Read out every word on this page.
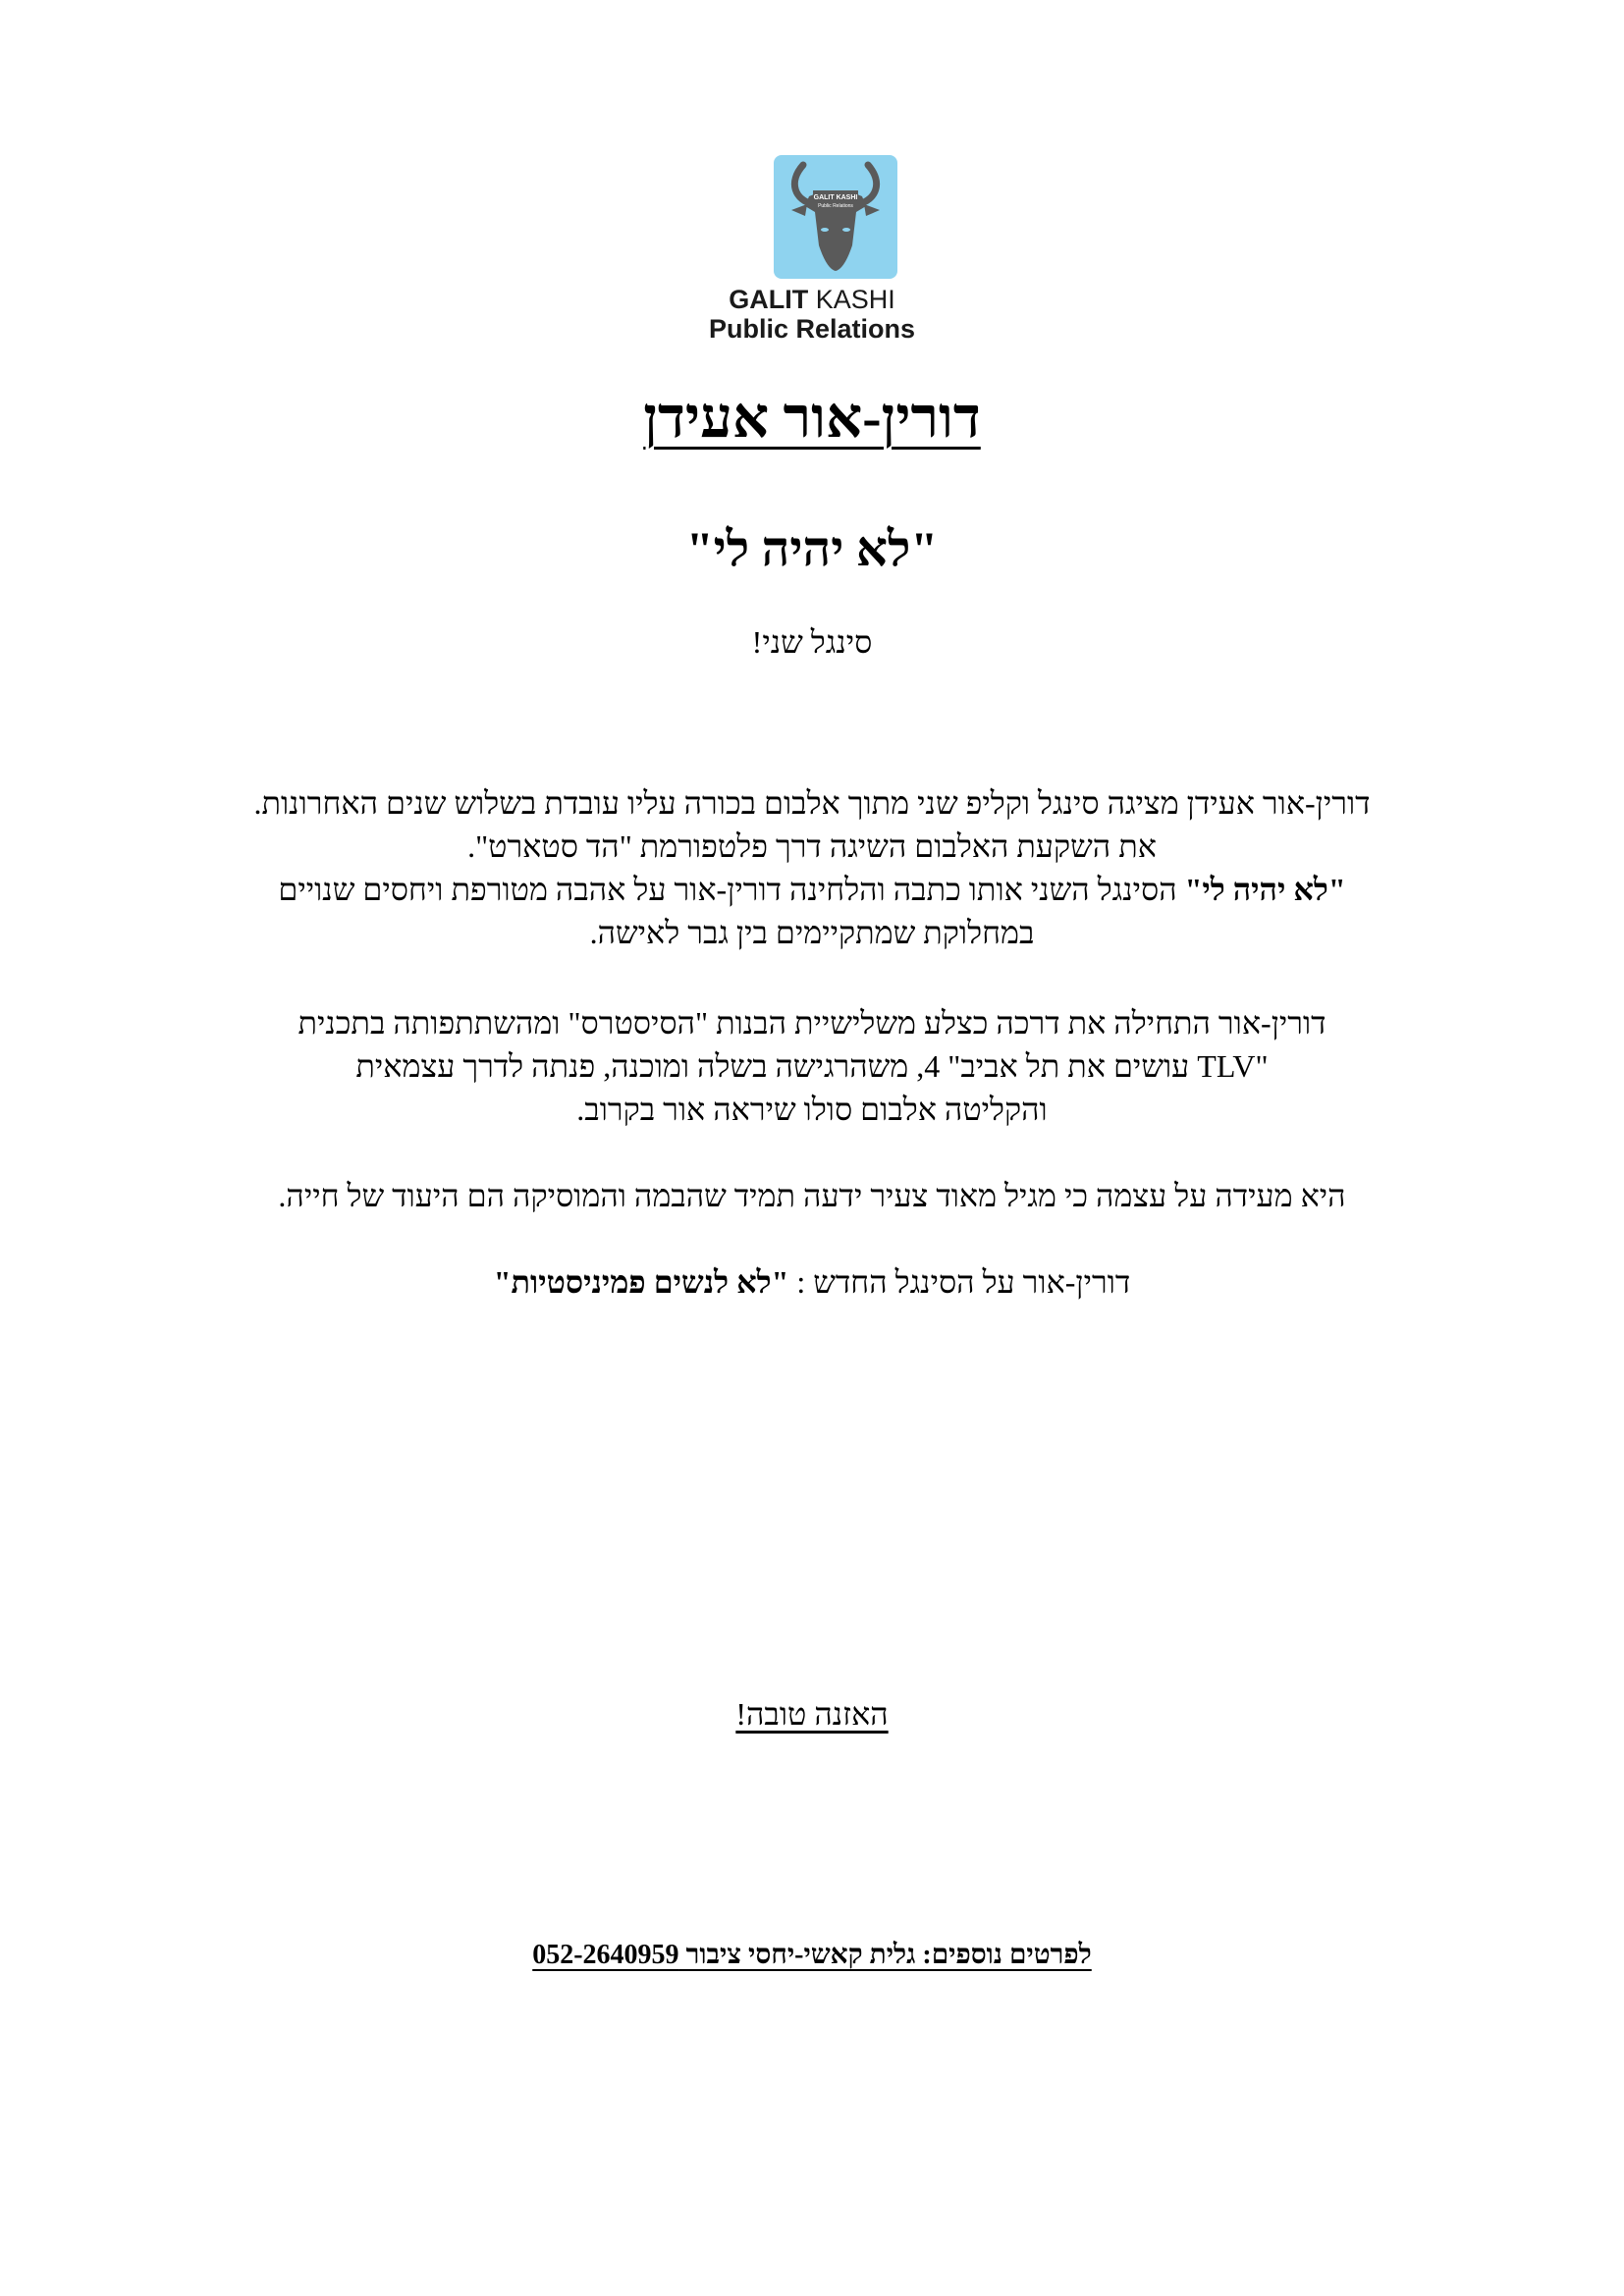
GALIT KASHI
Public Relations
GALIT KASHI
Public Relations
דורין-אור אעידן
"לא יהיה לי"
סינגל שני!
דורין-אור אעידן מציגה סינגל וקליפ שני מתוך אלבום בכורה עליו עובדת בשלוש שנים האחרונות.
את השקעת האלבום השיגה דרך פלטפורמת "הד סטארט".
"לא יהיה לי" הסינגל השני אותו כתבה והלחינה דורין-אור על אהבה מטורפת ויחסים שנויים
במחלוקת שמתקיימים בין גבר לאישה.
דורין-אור התחילה את דרכה כצלע משלישיית הבנות "הסיסטרס" ומהשתתפותה בתכנית
"TLV עושים את תל אביב" 4, משהרגישה בשלה ומוכנה, פנתה לדרך עצמאית
והקליטה אלבום סולו שיראה אור בקרוב.
היא מעידה על עצמה כי מגיל מאוד צעיר ידעה תמיד שהבמה והמוסיקה הם היעוד של חייה.
דורין-אור על הסינגל החדש : "לא לנשים פמיניסטיות"
האזנה טובה!
לפרטים נוספים: גלית קאשי-יחסי ציבור 052-2640959
